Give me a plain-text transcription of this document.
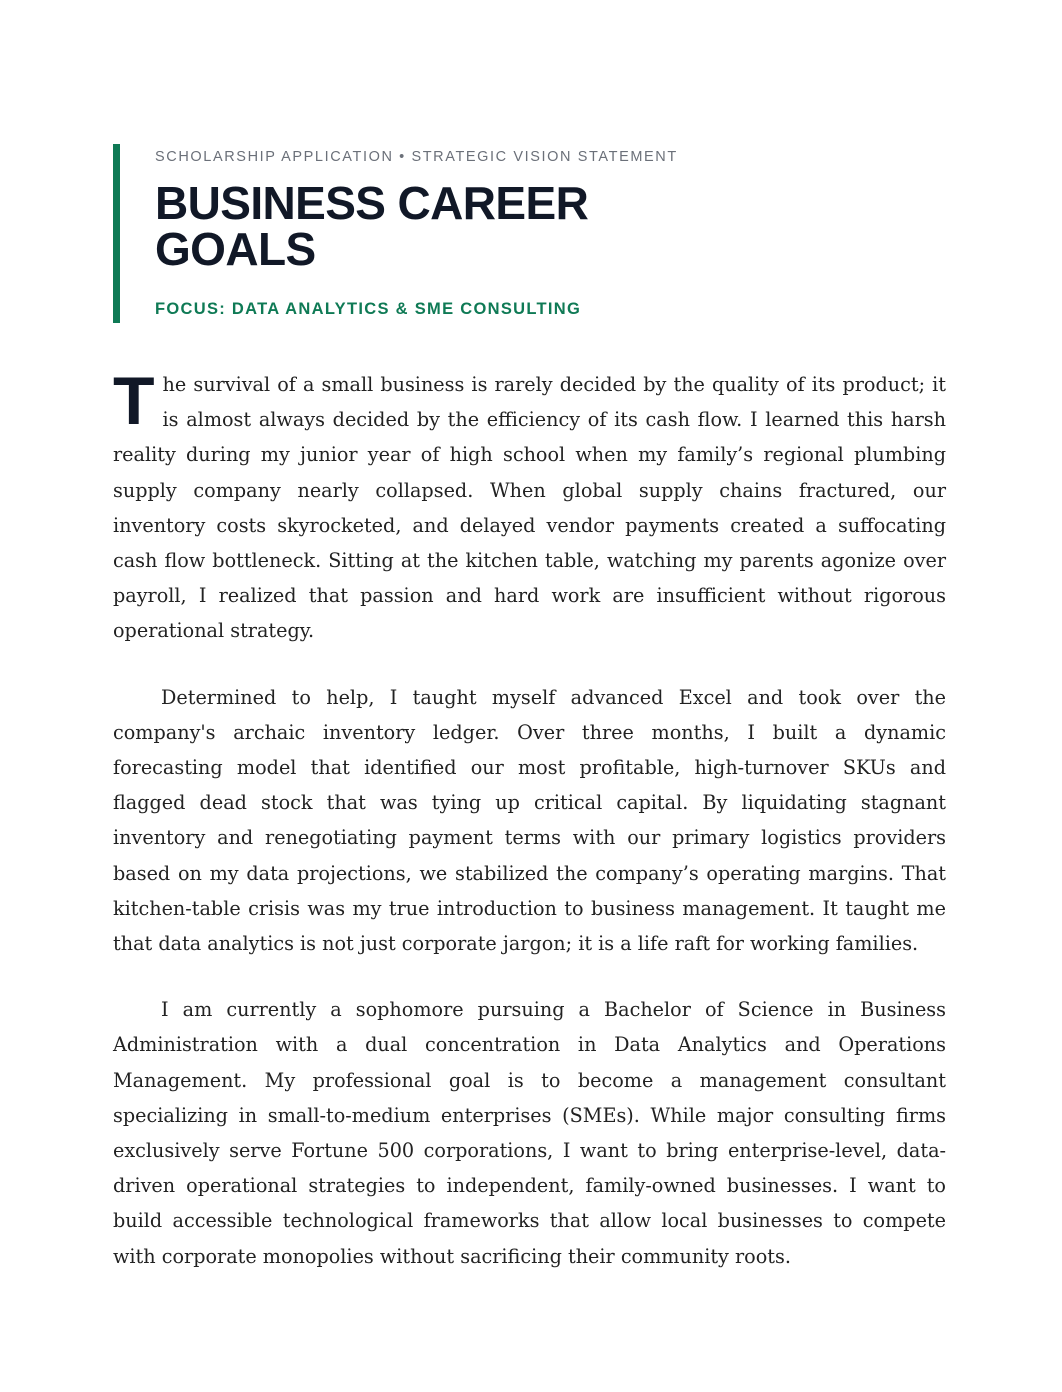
SCHOLARSHIP APPLICATION • STRATEGIC VISION STATEMENT

BUSINESS CAREER GOALS

FOCUS: DATA ANALYTICS & SME CONSULTING

The survival of a small business is rarely decided by the quality of its product; it is almost always decided by the efficiency of its cash flow. I learned this harsh reality during my junior year of high school when my family’s regional plumbing supply company nearly collapsed. When global supply chains fractured, our inventory costs skyrocketed, and delayed vendor payments created a suffocating cash flow bottleneck. Sitting at the kitchen table, watching my parents agonize over payroll, I realized that passion and hard work are insufficient without rigorous operational strategy.

Determined to help, I taught myself advanced Excel and took over the company's archaic inventory ledger. Over three months, I built a dynamic forecasting model that identified our most profitable, high-turnover SKUs and flagged dead stock that was tying up critical capital. By liquidating stagnant inventory and renegotiating payment terms with our primary logistics providers based on my data projections, we stabilized the company’s operating margins. That kitchen-table crisis was my true introduction to business management. It taught me that data analytics is not just corporate jargon; it is a life raft for working families.

I am currently a sophomore pursuing a Bachelor of Science in Business Administration with a dual concentration in Data Analytics and Operations Management. My professional goal is to become a management consultant specializing in small-to-medium enterprises (SMEs). While major consulting firms exclusively serve Fortune 500 corporations, I want to bring enterprise-level, data-driven operational strategies to independent, family-owned businesses. I want to build accessible technological frameworks that allow local businesses to compete with corporate monopolies without sacrificing their community roots.
